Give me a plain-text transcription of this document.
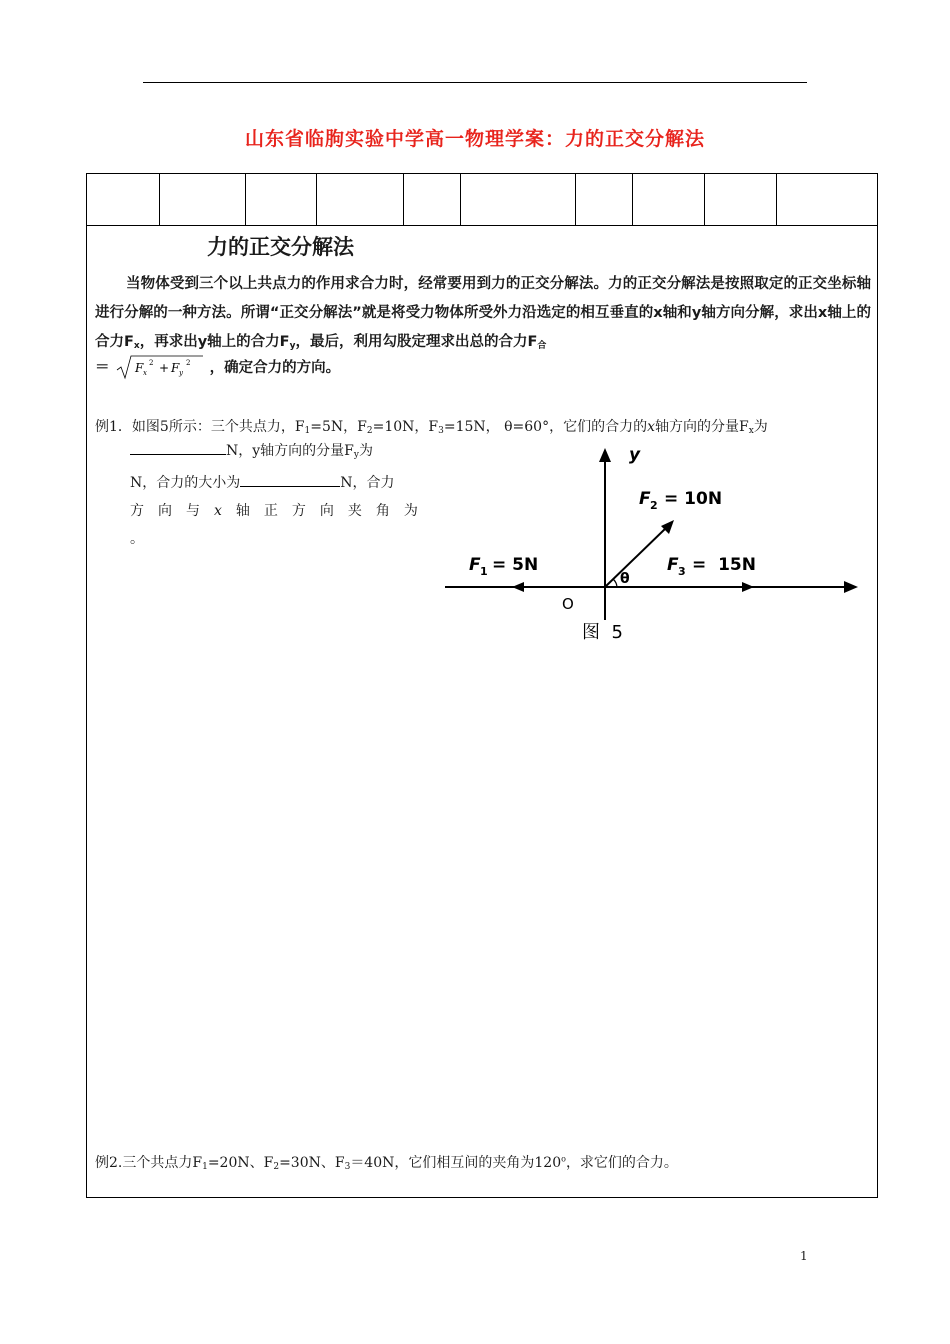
山东省临朐实验中学高一物理学案：力的正交分解法
力的正交分解法
当物体受到三个以上共点力的作用求合力时，经常要用到力的正交分解法。力的正交分解法是按照取定的正交坐标轴进行分解的一种方法。所谓“正交分解法”就是将受力物体所受外力沿选定的相互垂直的x轴和y轴方向分解，求出x轴上的合力$F_x$，再求出y轴上的合力$F_y$，最后，利用勾股定理求出总的合力$F_合$
＝ F x
2 + F y
2 ，确定合力的方向。
例1．如图5所示：三个共点力，$F_1=5N$，$F_2=10N$，$F_3=15N$， θ=60°，它们的合力的x轴方向的分量$F_x$为
N，y轴方向的分量$F_y$为
N，合力的大小为	N，合力
方 向 与 x 轴 正 方 向 夹 角 为
。
y
F 2 = 10N
F 1 = 5N	F 3 =  15N
θ
O
图  5
例2.三个共点力$F_1=20N$、$F_2=30N$、$F_3=40N$，它们相互间的夹角为120$^o$，求它们的合力。
1
